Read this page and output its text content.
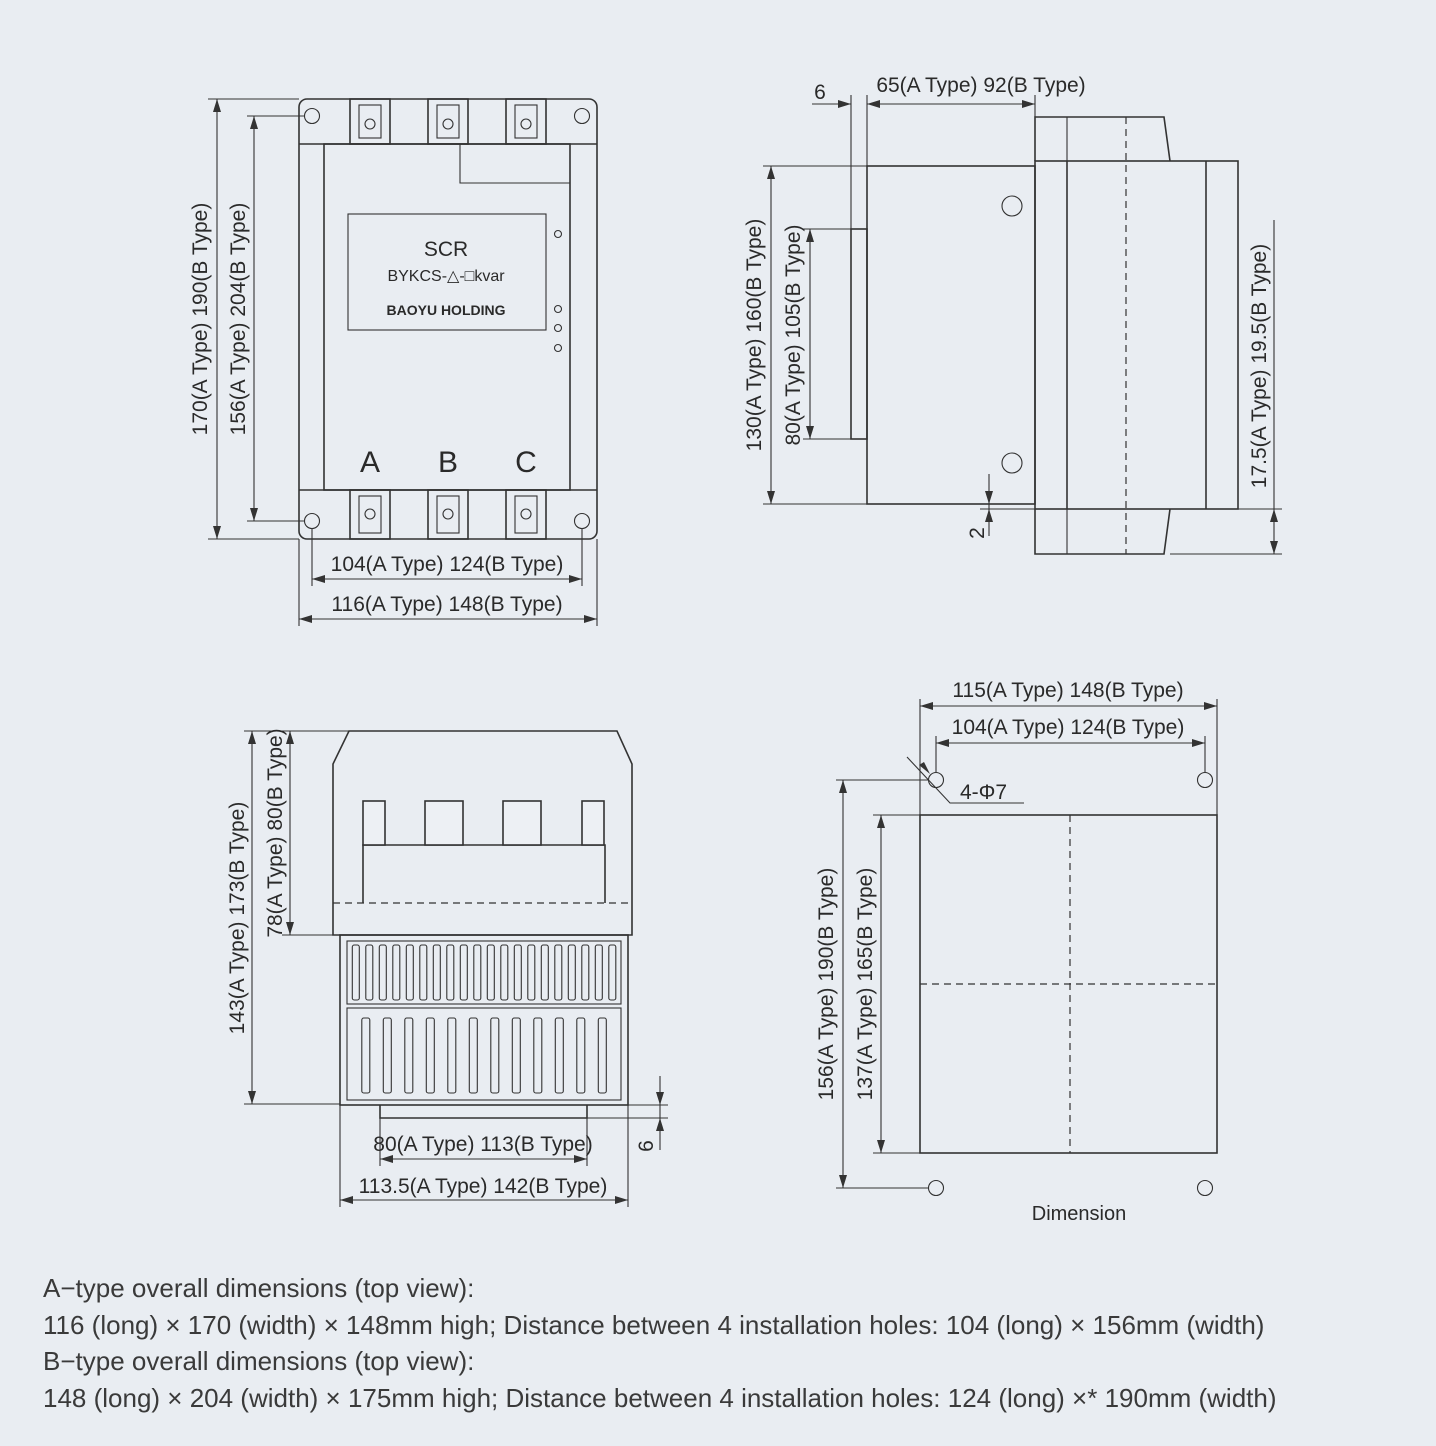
SCR
BYKCS-△-□kvar
BAOYU HOLDING
A B C
170(A Type) 190(B Type) 156(A Type) 204(B Type)
104(A Type) 124(B Type)
116(A Type) 148(B Type)
6 65(A Type) 92(B Type)
130(A Type) 160(B Type) 80(A Type) 105(B Type)	17.5(A Type) 19.5(B Type)
2
143(A Type) 173(B Type) 78(A Type) 80(B Type)
80(A Type) 113(B Type)
113.5(A Type) 142(B Type)
6
115(A Type) 148(B Type)
104(A Type) 124(B Type)
4-Φ7
156(A Type) 190(B Type) 137(A Type) 165(B Type)
Dimension
A−type overall dimensions (top view):
116 (long) × 170 (width) × 148mm high; Distance between 4 installation holes: 104 (long) × 156mm (width)
B−type overall dimensions (top view):
148 (long) × 204 (width) × 175mm high; Distance between 4 installation holes: 124 (long) ×* 190mm (width)
